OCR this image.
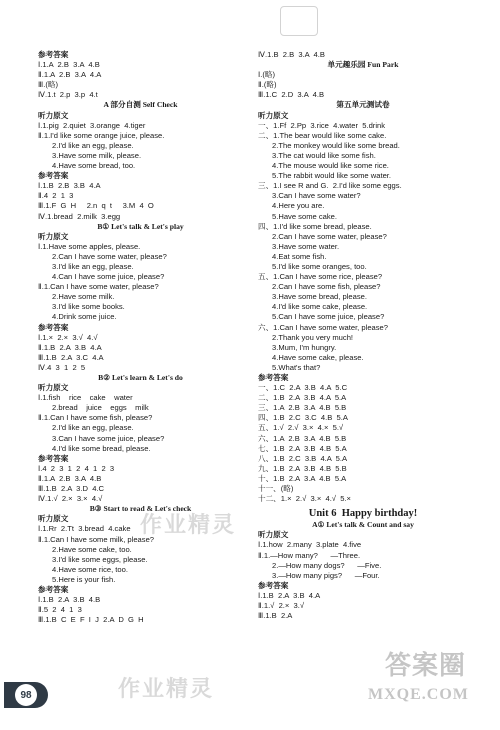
参考答案
Ⅰ.1.A  2.B  3.A  4.B
Ⅱ.1.A  2.B  3.A  4.A
Ⅲ.(略)
Ⅳ.1.t  2.p  3.p  4.t
A 部分自测 Self Check
听力原文
Ⅰ.1.pig  2.quiet  3.orange  4.tiger
Ⅱ.1.I'd like some orange juice, please.
2.I'd like an egg, please.
3.Have some milk, please.
4.Have some bread, too.
参考答案
Ⅰ.1.B  2.B  3.B  4.A
Ⅱ.4  2  1  3
Ⅲ.1.F  G  H     2.n  q  t     3.M  4  O
Ⅳ.1.bread  2.milk  3.egg
B① Let's talk & Let's play
听力原文
Ⅰ.1.Have some apples, please.
2.Can I have some water, please?
3.I'd like an egg, please.
4.Can I have some juice, please?
Ⅱ.1.Can I have some water, please?
2.Have some milk.
3.I'd like some books.
4.Drink some juice.
参考答案
Ⅰ.1.×  2.×  3.√  4.√
Ⅱ.1.B  2.A  3.B  4.A
Ⅲ.1.B  2.A  3.C  4.A
Ⅳ.4  3  1  2  5
B② Let's learn & Let's do
听力原文
Ⅰ.1.fish    rice    cake    water
2.bread    juice    eggs    milk
Ⅱ.1.Can I have some fish, please?
2.I'd like an egg, please.
3.Can I have some juice, please?
4.I'd like some bread, please.
参考答案
Ⅰ.4  2  3  1  2  4  1  2  3
Ⅱ.1.A  2.B  3.A  4.B
Ⅲ.1.B  2.A  3.D  4.C
Ⅳ.1.√  2.×  3.×  4.√
B③ Start to read & Let's check
听力原文
Ⅰ.1.Rr  2.Tt  3.bread  4.cake
Ⅱ.1.Can I have some milk, please?
2.Have some cake, too.
3.I'd like some eggs, please.
4.Have some rice, too.
5.Here is your fish.
参考答案
Ⅰ.1.B  2.A  3.B  4.B
Ⅱ.5  2  4  1  3
Ⅲ.1.B  C  E  F  I  J  2.A  D  G  H
Ⅳ.1.B  2.B  3.A  4.B
单元趣乐园 Fun Park
Ⅰ.(略)
Ⅱ.(略)
Ⅲ.1.C  2.D  3.A  4.B
第五单元测试卷
听力原文
一、1.Ff  2.Pp  3.rice  4.water  5.drink
二、1.The bear would like some cake.
2.The monkey would like some bread.
3.The cat would like some fish.
4.The mouse would like some rice.
5.The rabbit would like some water.
三、1.I see R and G.  2.I'd like some eggs.
3.Can I have some water?
4.Here you are.
5.Have some cake.
四、1.I'd like some bread, please.
2.Can I have some water, please?
3.Have some water.
4.Eat some fish.
5.I'd like some oranges, too.
五、1.Can I have some rice, please?
2.Can I have some fish, please?
3.Have some bread, please.
4.I'd like some cake, please.
5.Can I have some juice, please?
六、1.Can I have some water, please?
2.Thank you very much!
3.Mum, I'm hungry.
4.Have some cake, please.
5.What's that?
参考答案
一、1.C  2.A  3.B  4.A  5.C
二、1.B  2.A  3.B  4.A  5.A
三、1.A  2.B  3.A  4.B  5.B
四、1.B  2.C  3.C  4.B  5.A
五、1.√  2.√  3.×  4.×  5.√
六、1.A  2.B  3.A  4.B  5.B
七、1.B  2.A  3.B  4.B  5.A
八、1.B  2.C  3.B  4.A  5.A
九、1.B  2.A  3.B  4.B  5.B
十、1.B  2.A  3.A  4.B  5.A
十一、(略)
十二、1.×  2.√  3.×  4.√  5.×
Unit 6  Happy birthday!
A① Let's talk & Count and say
听力原文
Ⅰ.1.how  2.many  3.plate  4.five
Ⅱ.1.—How many?      —Three.
2.—How many dogs?      —Five.
3.—How many pigs?      —Four.
参考答案
Ⅰ.1.B  2.A  3.B  4.A
Ⅱ.1.√  2.×  3.√
Ⅲ.1.B  2.A
作业精灵
作业精灵
答案圈
MXQE.COM
98
